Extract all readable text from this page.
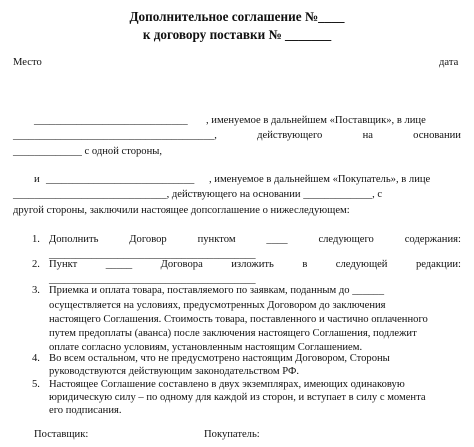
Дополнительное соглашение №____
к договору поставки № _______
Место	дата
_____________________________ , именуемое в дальнейшем «Поставщик», в лице
______________________________________,	действующего	на	основании
_____________ с одной стороны,
и ____________________________ , именуемое в дальнейшем «Покупатель», в лице
_____________________________, действующего на основании _____________, с
другой стороны, заключили настоящее допсоглашение о нижеследующем:
1. Дополнить	Договор	пунктом	____	следующего	содержания:
_______________________________________
2. Пункт	_____	Договора	изложить	в	следующей	редакции:
_______________________________________
3. Приемка и оплата товара, поставляемого по заявкам, поданным до ______
осуществляется на условиях, предусмотренных Договором до заключения
настоящего Соглашения. Стоимость товара, поставленного и частично оплаченного
путем предоплаты (аванса) после заключения настоящего Соглашения, подлежит
оплате согласно условиям, установленным настоящим Соглашением.
4. Во всем остальном, что не предусмотрено настоящим Договором, Стороны
руководствуются действующим законодательством РФ.
5. Настоящее Соглашение составлено в двух экземплярах, имеющих одинаковую
юридическую силу – по одному для каждой из сторон, и вступает в силу с момента
его подписания.
Поставщик:	Покупатель:
